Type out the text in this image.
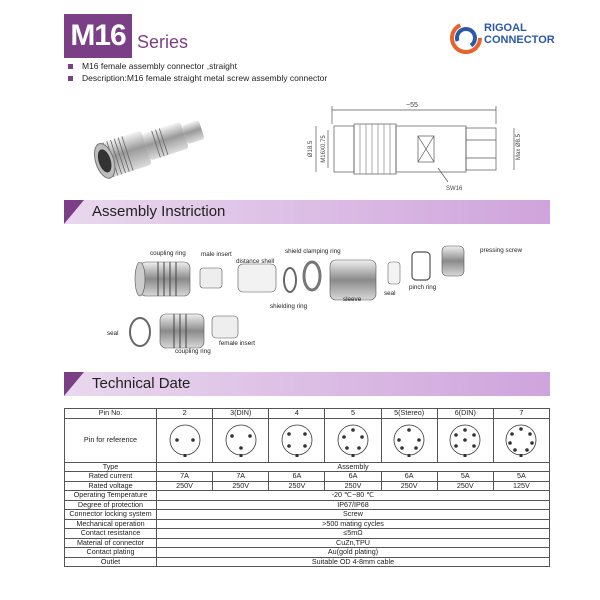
M16 Series
RIGOAL
CONNECTOR
M16 female assembly connector ,straight
Description:M16 female straight metal screw assembly connector
~55
Max Ø8.5
Ø18.5 M16X0.75
SW16
Assembly Instriction
coupling ring male insert
distance shell
shield clamping ring	pressing screw
shielding ring
sleeve
seal
pinch ring
seal
coupling ring
female insert
Technical Date
Pin No.	2	3(DIN)	4	5	5(Stereo)	6(DIN)	7
Pin for reference	

Type	Assembly						
Rated current	7A	7A	6A	6A	6A	5A	5A
Rated voltage	250V	250V	250V	250V	250V	250V	125V
Operating Temperature	-20 ℃~80 ℃						
Degree of protection	IP67/IP68						
Connector locking system	Screw						
Mechanical operation	>500 mating cycles						
Contact resistance	≤5mΩ						
Material of connector	CuZn,TPU						
Contact plating	Au(gold plating)						
Outlet	Suitable OD 4-8mm cable						
